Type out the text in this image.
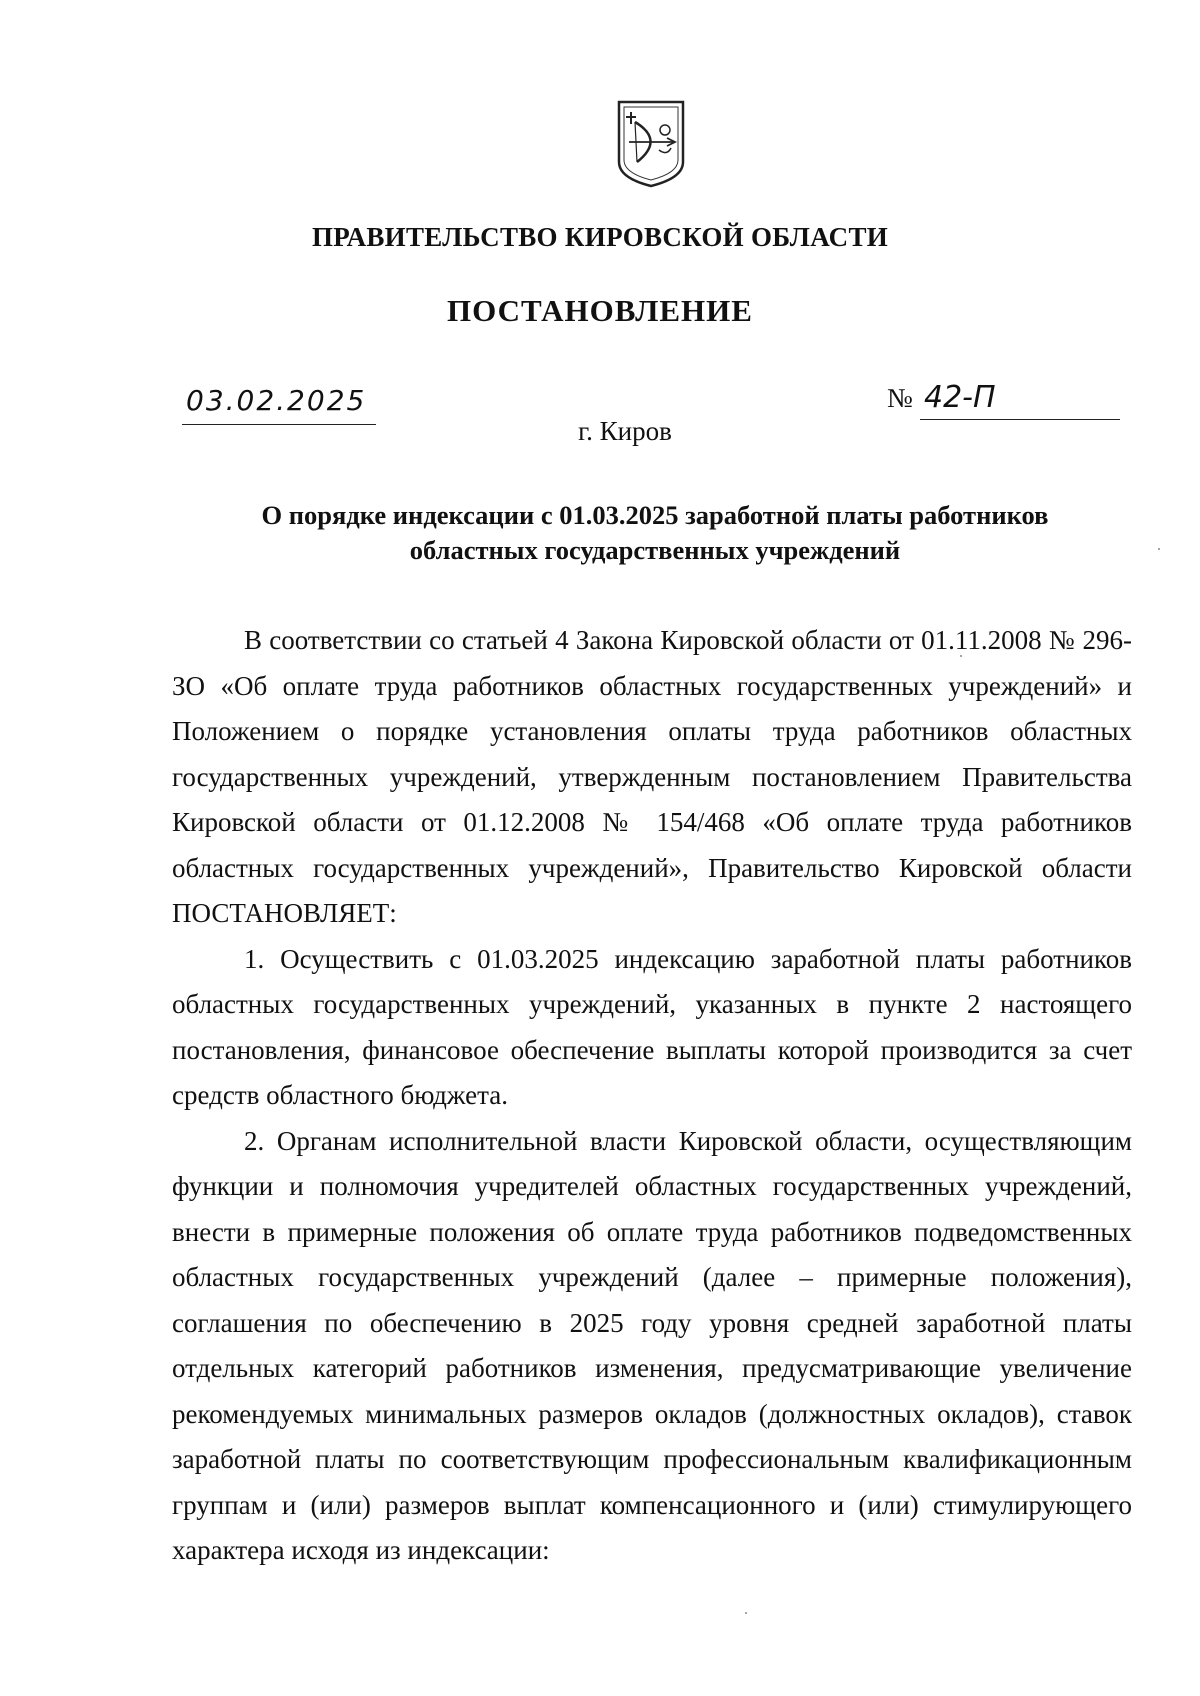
ПРАВИТЕЛЬСТВО КИРОВСКОЙ ОБЛАСТИ
ПОСТАНОВЛЕНИЕ
03.02.2025	№ 42-П
г. Киров
О порядке индексации с 01.03.2025 заработной платы работников
областных государственных учреждений

В соответствии со статьей 4 Закона Кировской области от 01.11.2008 № 296-ЗО «Об оплате труда работников областных государственных учреждений» и Положением о порядке установления оплаты труда работников областных государственных учреждений, утвержденным постановлением Правительства Кировской области от 01.12.2008 № 154/468 «Об оплате труда работников областных государственных учреждений», Правительство Кировской области ПОСТАНОВЛЯЕТ:

1. Осуществить с 01.03.2025 индексацию заработной платы работников областных государственных учреждений, указанных в пункте 2 настоящего постановления, финансовое обеспечение выплаты которой производится за счет средств областного бюджета.

2. Органам исполнительной власти Кировской области, осуществляющим функции и полномочия учредителей областных государственных учреждений, внести в примерные положения об оплате труда работников подведомственных областных государственных учреждений (далее – примерные положения), соглашения по обеспечению в 2025 году уровня средней заработной платы отдельных категорий работников изменения, предусматривающие увеличение рекомендуемых минимальных размеров окладов (должностных окладов), ставок заработной платы по соответствующим профессиональным квалификационным группам и (или) размеров выплат компенсационного и (или) стимулирующего характера исходя из индексации:
